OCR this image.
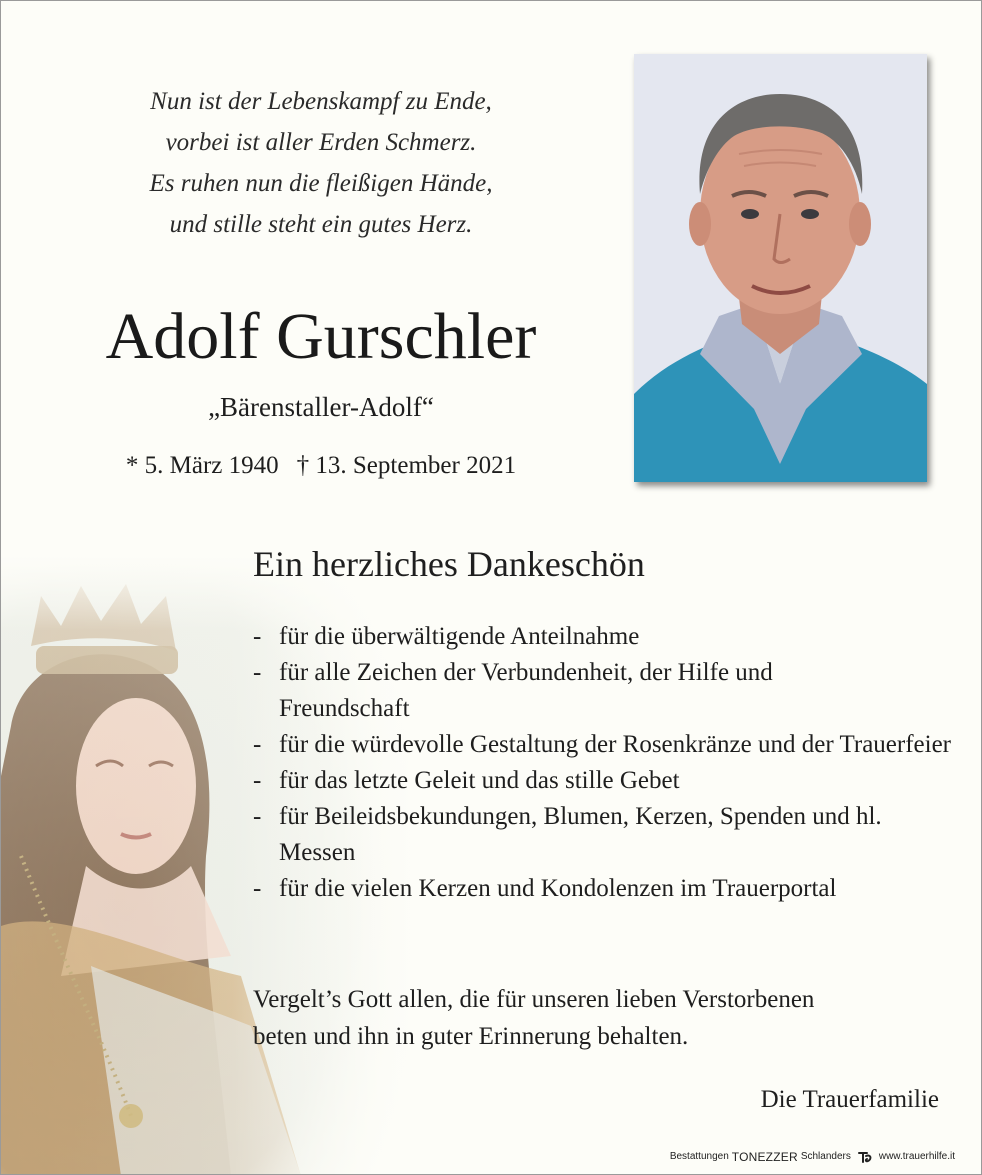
Nun ist der Lebenskampf zu Ende,
vorbei ist aller Erden Schmerz.
Es ruhen nun die fleißigen Hände,
und stille steht ein gutes Herz.
Adolf Gurschler
„Bärenstaller-Adolf“
* 5. März 1940 † 13. September 2021
Ein herzliches Dankeschön
- für die überwältigende Anteilnahme
- für alle Zeichen der Verbundenheit, der Hilfe und Freundschaft
- für die würdevolle Gestaltung der Rosenkränze und der Trauerfeier
- für das letzte Geleit und das stille Gebet
- für Beileidsbekundungen, Blumen, Kerzen, Spenden und hl. Messen
- für die vielen Kerzen und Kondolenzen im Trauerportal
Vergelt’s Gott allen, die für unseren lieben Verstorbenen
beten und ihn in guter Erinnerung behalten.
Die Trauerfamilie
Bestattungen TONEZZER Schlanders	www.trauerhilfe.it
